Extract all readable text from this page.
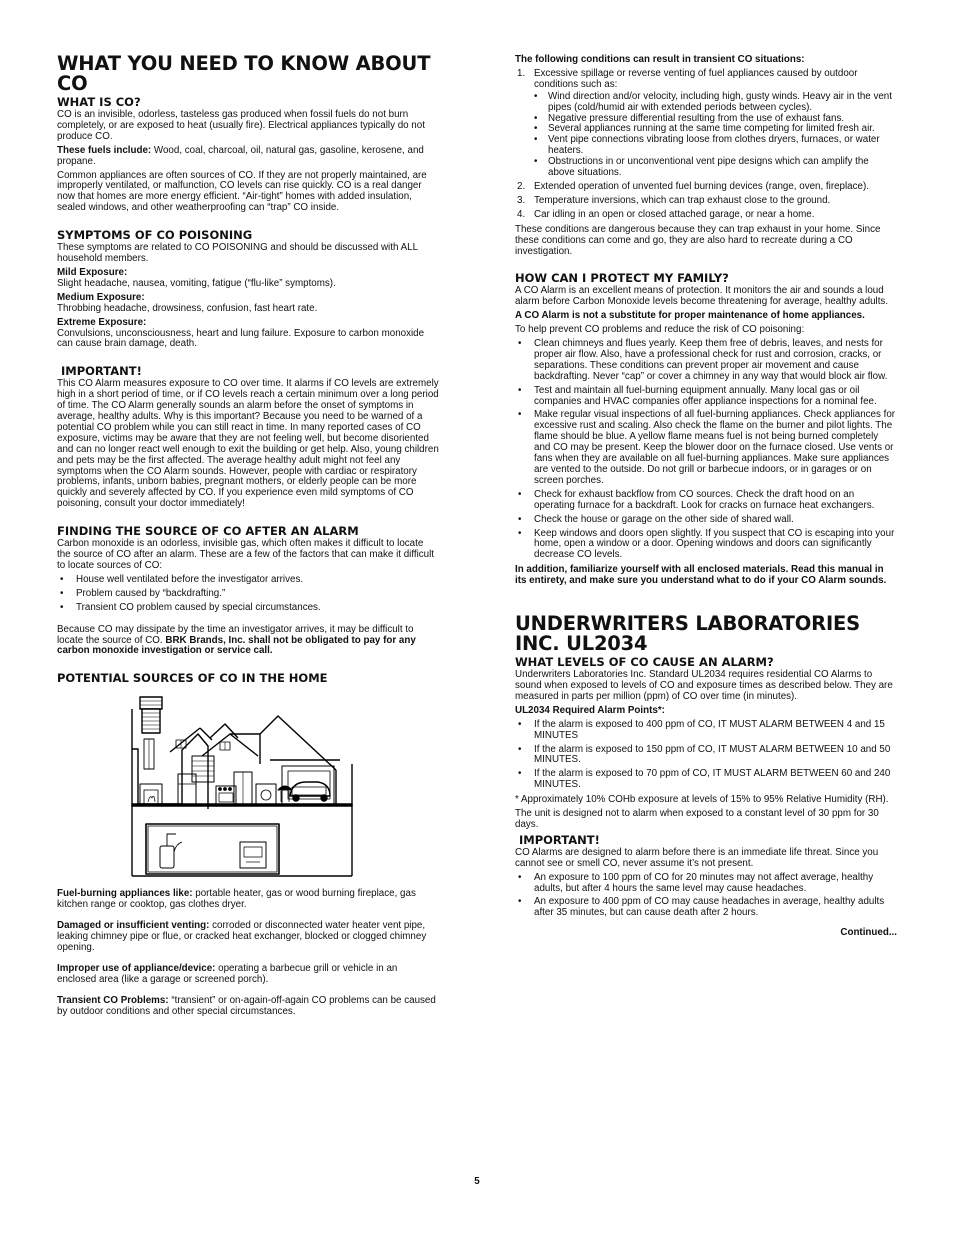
WHAT YOU NEED TO KNOW ABOUT CO
WHAT IS CO?

CO is an invisible, odorless, tasteless gas produced when fossil fuels do not burn completely, or are exposed to heat (usually fire). Electrical appliances typically do not produce CO.

These fuels include: Wood, coal, charcoal, oil, natural gas, gasoline, kerosene, and propane.

Common appliances are often sources of CO. If they are not properly maintained, are improperly ventilated, or malfunction, CO levels can rise quickly. CO is a real danger now that homes are more energy efficient. “Air-tight” homes with added insulation, sealed windows, and other weatherproofing can “trap” CO inside.

SYMPTOMS OF CO POISONING

These symptoms are related to CO POISONING and should be discussed with ALL household members.

Mild Exposure:
Slight headache, nausea, vomiting, fatigue (“flu-like” symptoms).

Medium Exposure:
Throbbing headache, drowsiness, confusion, fast heart rate.

Extreme Exposure:
Convulsions, unconsciousness, heart and lung failure. Exposure to carbon monoxide can cause brain damage, death.

IMPORTANT!

This CO Alarm measures exposure to CO over time. It alarms if CO levels are extremely high in a short period of time, or if CO levels reach a certain minimum over a long period of time. The CO Alarm generally sounds an alarm before the onset of symptoms in average, healthy adults. Why is this important? Because you need to be warned of a potential CO problem while you can still react in time. In many reported cases of CO exposure, victims may be aware that they are not feeling well, but become disoriented and can no longer react well enough to exit the building or get help. Also, young children and pets may be the first affected. The average healthy adult might not feel any symptoms when the CO Alarm sounds. However, people with cardiac or respiratory problems, infants, unborn babies, pregnant mothers, or elderly people can be more quickly and severely affected by CO. If you experience even mild symptoms of CO poisoning, consult your doctor immediately!

FINDING THE SOURCE OF CO AFTER AN ALARM

Carbon monoxide is an odorless, invisible gas, which often makes it difficult to locate the source of CO after an alarm. These are a few of the factors that can make it difficult to locate sources of CO:

• House well ventilated before the investigator arrives.
• Problem caused by “backdrafting.”
• Transient CO problem caused by special circumstances.

Because CO may dissipate by the time an investigator arrives, it may be difficult to locate the source of CO. BRK Brands, Inc. shall not be obligated to pay for any carbon monoxide investigation or service call.

POTENTIAL SOURCES OF CO IN THE HOME

Fuel-burning appliances like: portable heater, gas or wood burning fireplace, gas kitchen range or cooktop, gas clothes dryer.

Damaged or insufficient venting: corroded or disconnected water heater vent pipe, leaking chimney pipe or flue, or cracked heat exchanger, blocked or clogged chimney opening.

Improper use of appliance/device: operating a barbecue grill or vehicle in an enclosed area (like a garage or screened porch).

Transient CO Problems: “transient” or on-again-off-again CO problems can be caused by outdoor conditions and other special circumstances.

The following conditions can result in transient CO situations:

1. Excessive spillage or reverse venting of fuel appliances caused by outdoor conditions such as:
• Wind direction and/or velocity, including high, gusty winds. Heavy air in the vent pipes (cold/humid air with extended periods between cycles).
• Negative pressure differential resulting from the use of exhaust fans.
• Several appliances running at the same time competing for limited fresh air.
• Vent pipe connections vibrating loose from clothes dryers, furnaces, or water heaters.
• Obstructions in or unconventional vent pipe designs which can amplify the above situations.
2. Extended operation of unvented fuel burning devices (range, oven, fireplace).
3. Temperature inversions, which can trap exhaust close to the ground.
4. Car idling in an open or closed attached garage, or near a home.

These conditions are dangerous because they can trap exhaust in your home. Since these conditions can come and go, they are also hard to recreate during a CO investigation.

HOW CAN I PROTECT MY FAMILY?

A CO Alarm is an excellent means of protection. It monitors the air and sounds a loud alarm before Carbon Monoxide levels become threatening for average, healthy adults.

A CO Alarm is not a substitute for proper maintenance of home appliances.

To help prevent CO problems and reduce the risk of CO poisoning:

• Clean chimneys and flues yearly. Keep them free of debris, leaves, and nests for proper air flow. Also, have a professional check for rust and corrosion, cracks, or separations. These conditions can prevent proper air movement and cause backdrafting. Never “cap” or cover a chimney in any way that would block air flow.
• Test and maintain all fuel-burning equipment annually. Many local gas or oil companies and HVAC companies offer appliance inspections for a nominal fee.
• Make regular visual inspections of all fuel-burning appliances. Check appliances for excessive rust and scaling. Also check the flame on the burner and pilot lights. The flame should be blue. A yellow flame means fuel is not being burned completely and CO may be present. Keep the blower door on the furnace closed. Use vents or fans when they are available on all fuel-burning appliances. Make sure appliances are vented to the outside. Do not grill or barbecue indoors, or in garages or on screen porches.
• Check for exhaust backflow from CO sources. Check the draft hood on an operating furnace for a backdraft. Look for cracks on furnace heat exchangers.
• Check the house or garage on the other side of shared wall.
• Keep windows and doors open slightly. If you suspect that CO is escaping into your home, open a window or a door. Opening windows and doors can significantly decrease CO levels.

In addition, familiarize yourself with all enclosed materials. Read this manual in its entirety, and make sure you understand what to do if your CO Alarm sounds.

UNDERWRITERS LABORATORIES INC. UL2034
WHAT LEVELS OF CO CAUSE AN ALARM?

Underwriters Laboratories Inc. Standard UL2034 requires residential CO Alarms to sound when exposed to levels of CO and exposure times as described below. They are measured in parts per million (ppm) of CO over time (in minutes).

UL2034 Required Alarm Points*:

• If the alarm is exposed to 400 ppm of CO, IT MUST ALARM BETWEEN 4 and 15 MINUTES
• If the alarm is exposed to 150 ppm of CO, IT MUST ALARM BETWEEN 10 and 50 MINUTES.
• If the alarm is exposed to 70 ppm of CO, IT MUST ALARM BETWEEN 60 and 240 MINUTES.

* Approximately 10% COHb exposure at levels of 15% to 95% Relative Humidity (RH).

The unit is designed not to alarm when exposed to a constant level of 30 ppm for 30 days.

IMPORTANT!

CO Alarms are designed to alarm before there is an immediate life threat. Since you cannot see or smell CO, never assume it’s not present.

• An exposure to 100 ppm of CO for 20 minutes may not affect average, healthy adults, but after 4 hours the same level may cause headaches.
• An exposure to 400 ppm of CO may cause headaches in average, healthy adults after 35 minutes, but can cause death after 2 hours.
Continued...
5
